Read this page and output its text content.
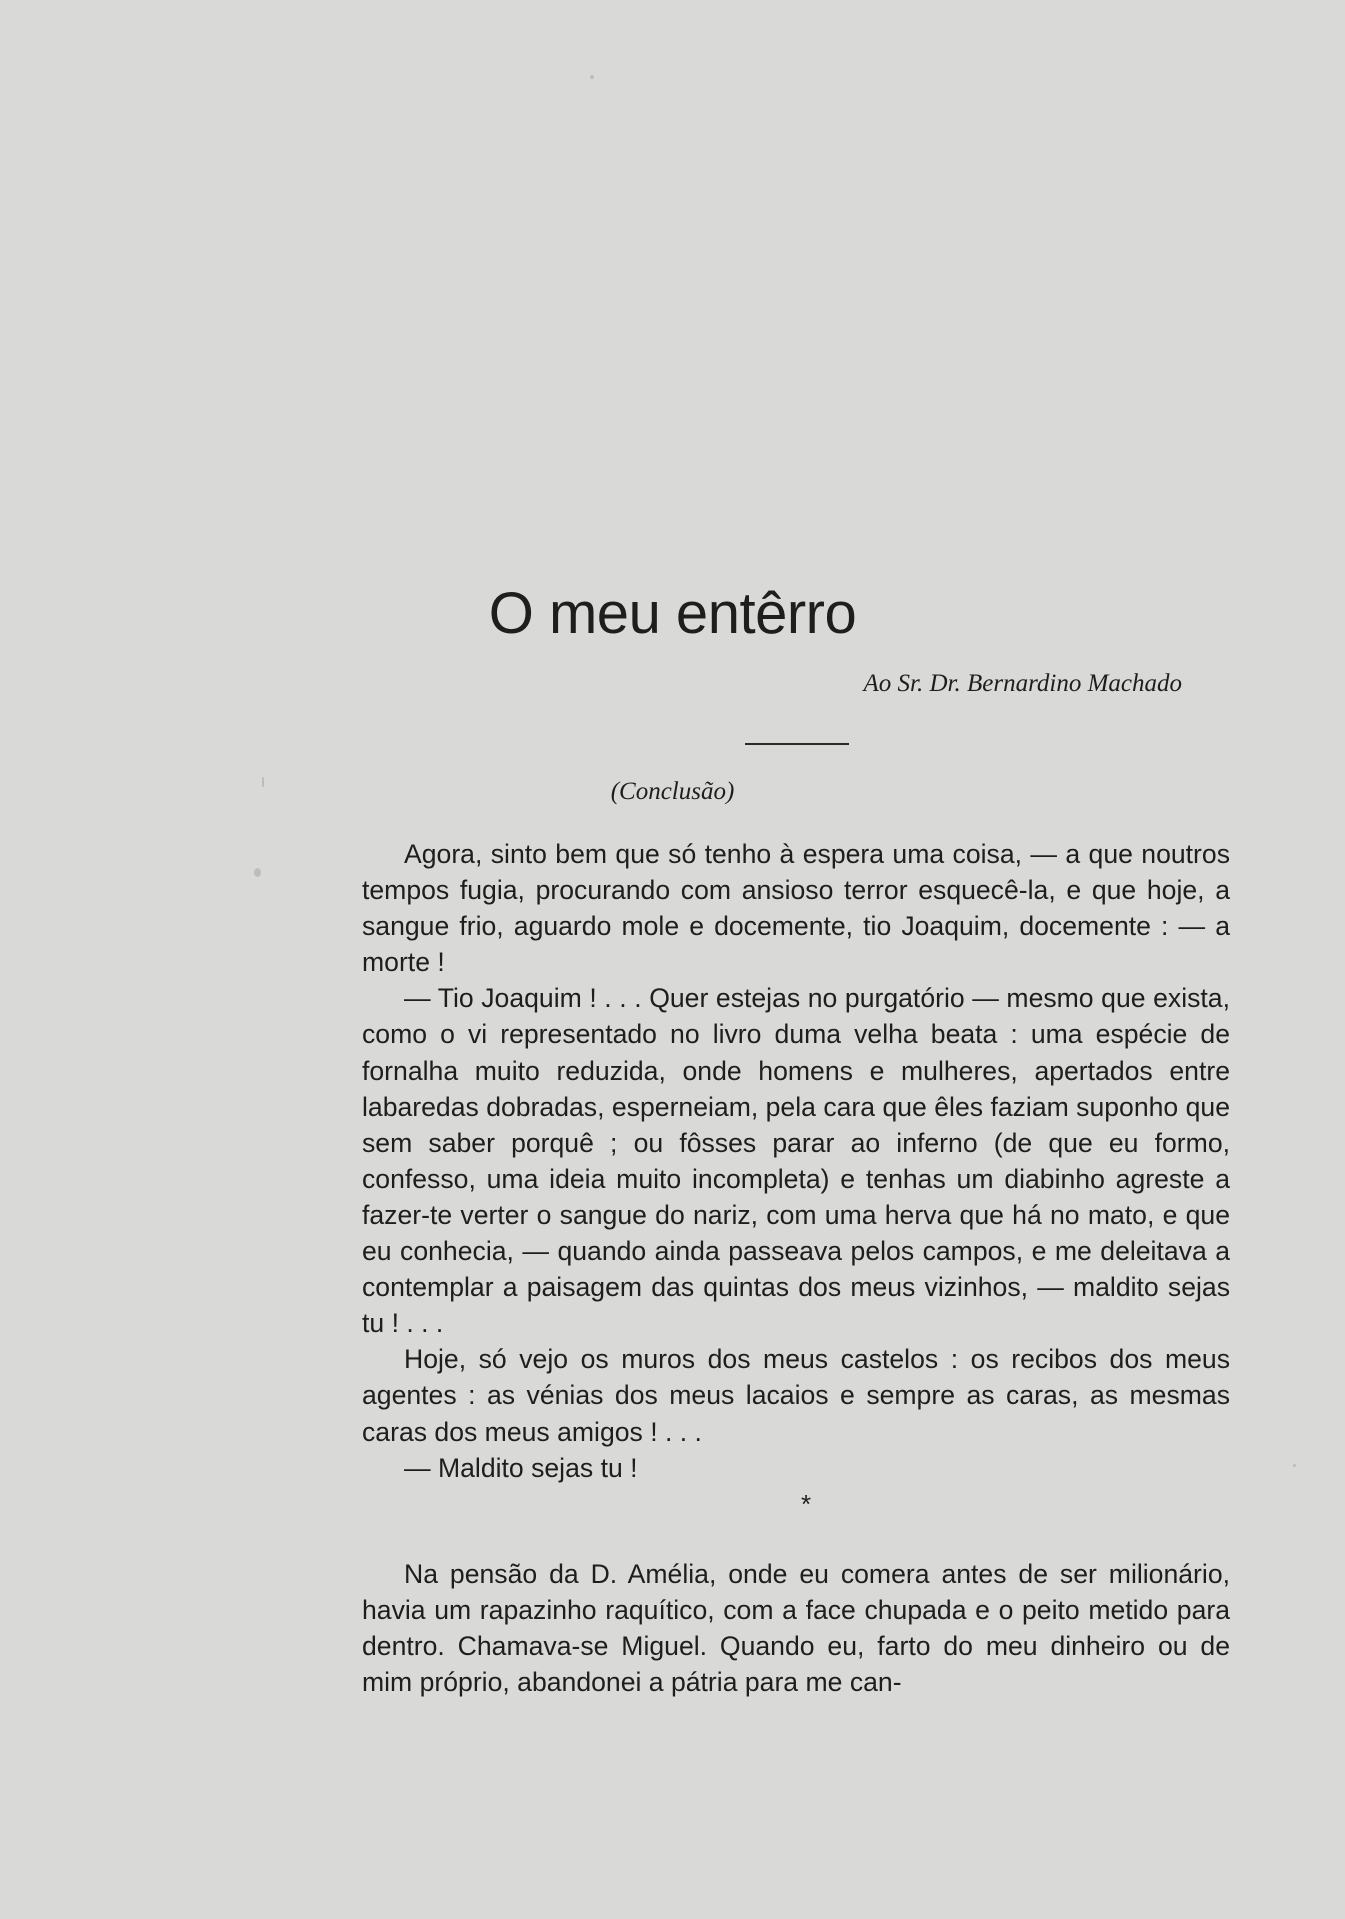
O meu entêrro
Ao Sr. Dr. Bernardino Machado
(Conclusão)

Agora, sinto bem que só tenho à espera uma coisa, — a que noutros tempos fugia, procurando com ansioso terror esquecê-la, e que hoje, a sangue frio, aguardo mole e docemente, tio Joaquim, docemente : — a morte !

— Tio Joaquim ! . . . Quer estejas no purgatório — mesmo que exista, como o vi representado no livro duma velha beata : uma espécie de fornalha muito reduzida, onde homens e mulheres, apertados entre labaredas dobradas, esperneiam, pela cara que êles faziam suponho que sem saber porquê ; ou fôsses parar ao inferno (de que eu formo, confesso, uma ideia muito incompleta) e tenhas um diabinho agreste a fazer-te verter o sangue do nariz, com uma herva que há no mato, e que eu conhecia, — quando ainda passeava pelos campos, e me deleitava a contemplar a paisagem das quintas dos meus vizinhos, — maldito sejas tu ! . . .

Hoje, só vejo os muros dos meus castelos : os recibos dos meus agentes : as vénias dos meus lacaios e sempre as caras, as mesmas caras dos meus amigos ! . . .

— Maldito sejas tu !

*

Na pensão da D. Amélia, onde eu comera antes de ser milionário, havia um rapazinho raquítico, com a face chupada e o peito metido para dentro. Chamava-se Miguel. Quando eu, farto do meu dinheiro ou de mim próprio, abandonei a pátria para me can-
